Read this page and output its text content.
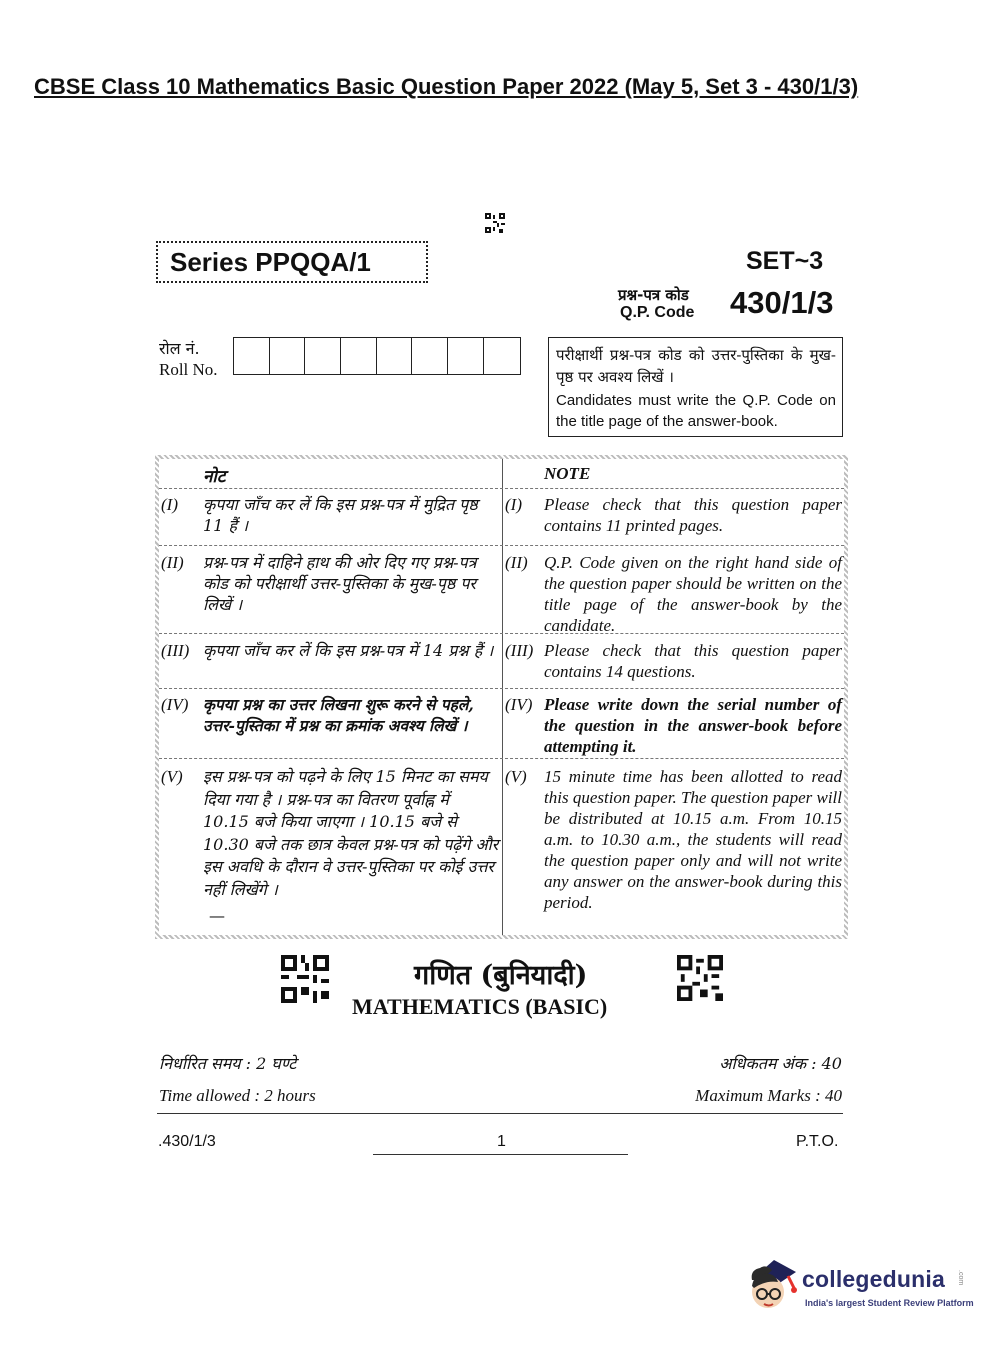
CBSE Class 10 Mathematics Basic Question Paper 2022 (May 5, Set 3 - 430/1/3)
Series PPQQA/1	SET~3
प्रश्न-पत्र कोड
Q.P. Code 430/1/3
रोल नं.
Roll No.
परीक्षार्थी प्रश्न-पत्र कोड को उत्तर-पुस्तिका के मुख-पृष्ठ पर अवश्य लिखें ।
Candidates must write the Q.P. Code on the title page of the answer-book.
नोट	NOTE
(I) कृपया जाँच कर लें कि इस प्रश्न-पत्र में मुद्रित पृष्ठ 11 हैं ।
(I) Please check that this question paper contains 11 printed pages.
(II) प्रश्न-पत्र में दाहिने हाथ की ओर दिए गए प्रश्न-पत्र कोड को परीक्षार्थी उत्तर-पुस्तिका के मुख-पृष्ठ पर लिखें ।
(II) Q.P. Code given on the right hand side of the question paper should be written on the title page of the answer-book by the candidate.
(III) कृपया जाँच कर लें कि इस प्रश्न-पत्र में 14 प्रश्न हैं । (III) Please check that this question paper contains 14 questions.
(IV) कृपया प्रश्न का उत्तर लिखना शुरू करने से पहले, उत्तर-पुस्तिका में प्रश्न का क्रमांक अवश्य लिखें ।
(IV) Please write down the serial number of the question in the answer-book before attempting it.
(V) इस प्रश्न-पत्र को पढ़ने के लिए 15 मिनट का समय दिया गया है । प्रश्न-पत्र का वितरण पूर्वाह्न में 10.15 बजे किया जाएगा । 10.15 बजे से 10.30 बजे तक छात्र केवल प्रश्न-पत्र को पढ़ेंगे और इस अवधि के दौरान वे उत्तर-पुस्तिका पर कोई उत्तर नहीं लिखेंगे ।
(V) 15 minute time has been allotted to read this question paper. The question paper will be distributed at 10.15 a.m. From 10.15 a.m. to 10.30 a.m., the students will read the question paper only and will not write any answer on the answer-book during this period.
—
गणित (बुनियादी)
MATHEMATICS (BASIC)
निर्धारित समय : 2 घण्टे	अधिकतम अंक : 40
Time allowed : 2 hours	Maximum Marks : 40
.430/1/3	1	P.T.O.
collegedunia .com
India's largest Student Review Platform
